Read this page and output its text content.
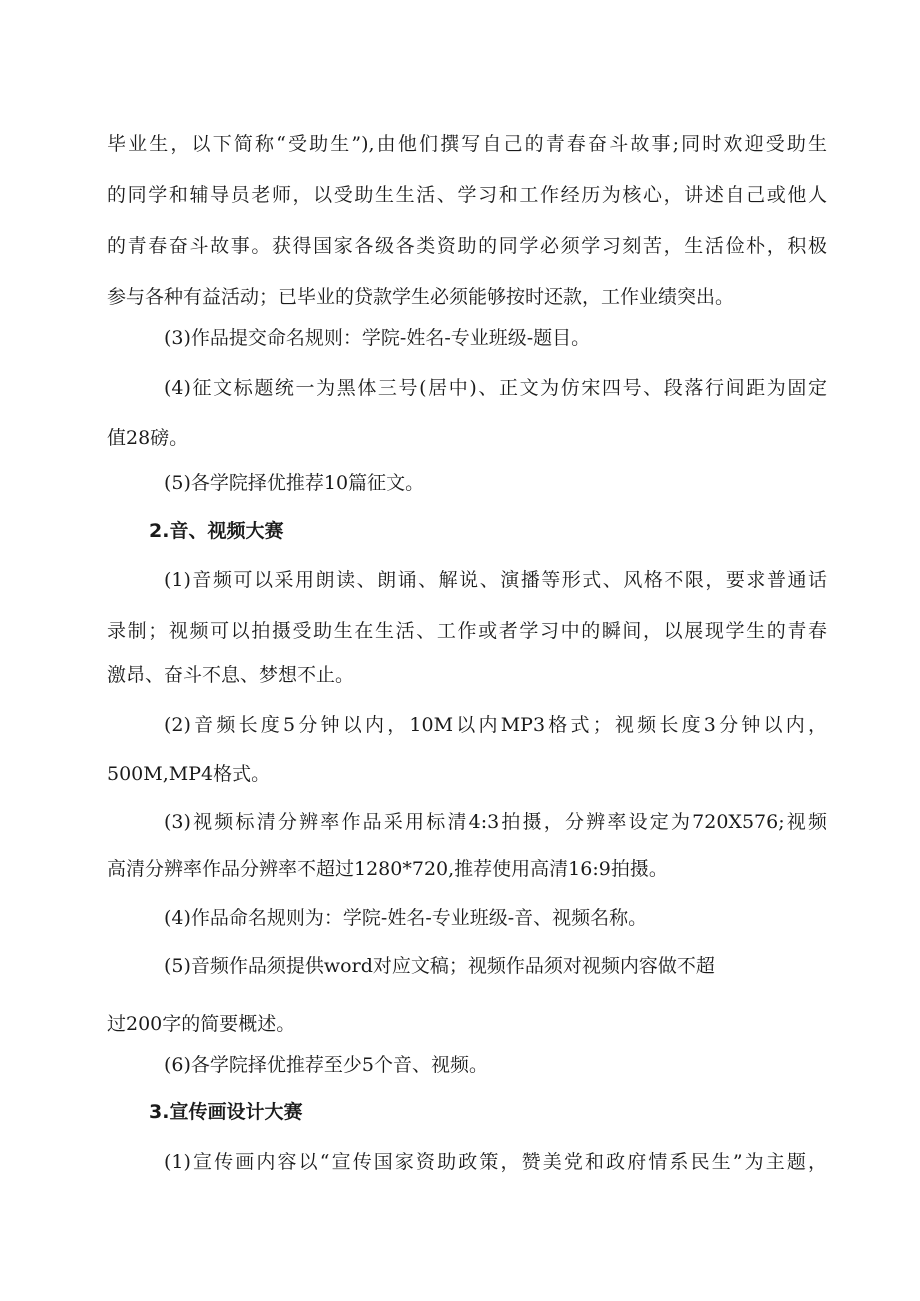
毕业生，以下简称“受助生”),由他们撰写自己的青春奋斗故事;同时欢迎受助生
的同学和辅导员老师，以受助生生活、学习和工作经历为核心，讲述自己或他人
的青春奋斗故事。获得国家各级各类资助的同学必须学习刻苦，生活俭朴，积极
参与各种有益活动；已毕业的贷款学生必须能够按时还款，工作业绩突出。
(3)作品提交命名规则：学院-姓名-专业班级-题目。
(4)征文标题统一为黑体三号(居中)、正文为仿宋四号、段落行间距为固定
值28磅。
(5)各学院择优推荐10篇征文。
2.音、视频大赛
(1)音频可以采用朗读、朗诵、解说、演播等形式、风格不限，要求普通话
录制；视频可以拍摄受助生在生活、工作或者学习中的瞬间，以展现学生的青春
激昂、奋斗不息、梦想不止。
(2)音频长度5分钟以内，10M以内MP3格式；视频长度3分钟以内，
500M,MP4格式。
(3)视频标清分辨率作品采用标清4:3拍摄，分辨率设定为720X576;视频
高清分辨率作品分辨率不超过1280*720,推荐使用高清16:9拍摄。
(4)作品命名规则为：学院-姓名-专业班级-音、视频名称。
(5)音频作品须提供word对应文稿；视频作品须对视频内容做不超
过200字的简要概述。
(6)各学院择优推荐至少5个音、视频。
3.宣传画设计大赛
(1)宣传画内容以“宣传国家资助政策，赞美党和政府情系民生”为主题，
